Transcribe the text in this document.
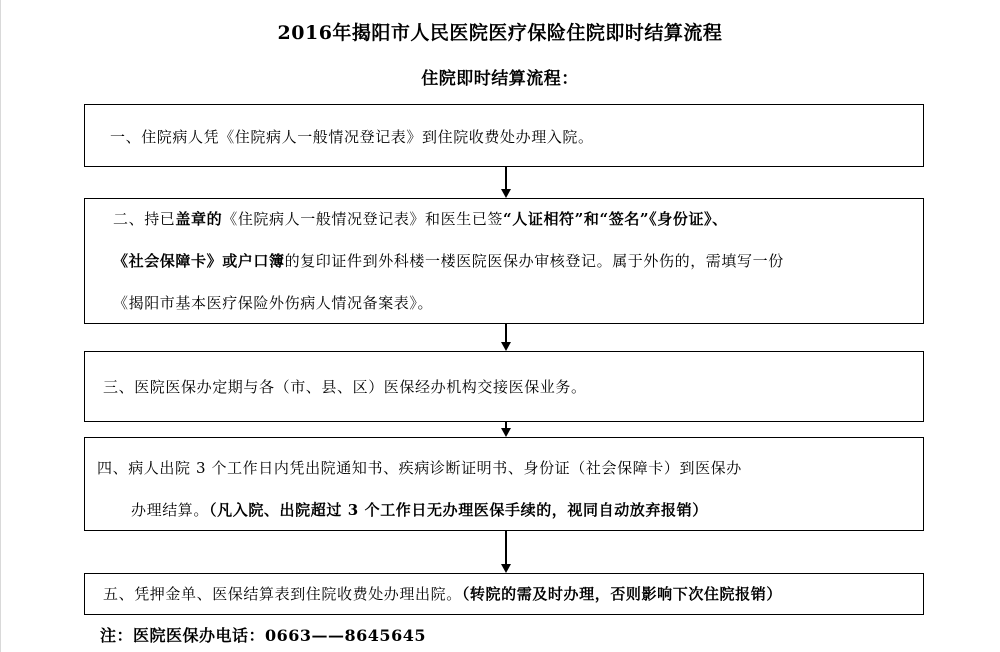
2016年揭阳市人民医院医疗保险住院即时结算流程
住院即时结算流程：
一、住院病人凭《住院病人一般情况登记表》到住院收费处办理入院。
二、持已盖章的《住院病人一般情况登记表》和医生已签“人证相符”和“签名”《身份证》、
《社会保障卡》或户口簿的复印证件到外科楼一楼医院医保办审核登记。属于外伤的，需填写一份
《揭阳市基本医疗保险外伤病人情况备案表》。
三、医院医保办定期与各（市、县、区）医保经办机构交接医保业务。
四、病人出院 3 个工作日内凭出院通知书、疾病诊断证明书、身份证（社会保障卡）到医保办
办理结算。（凡入院、出院超过 3 个工作日无办理医保手续的，视同自动放弃报销）
五、凭押金单、医保结算表到住院收费处办理出院。（转院的需及时办理，否则影响下次住院报销）
注：医院医保办电话：0663——8645645
